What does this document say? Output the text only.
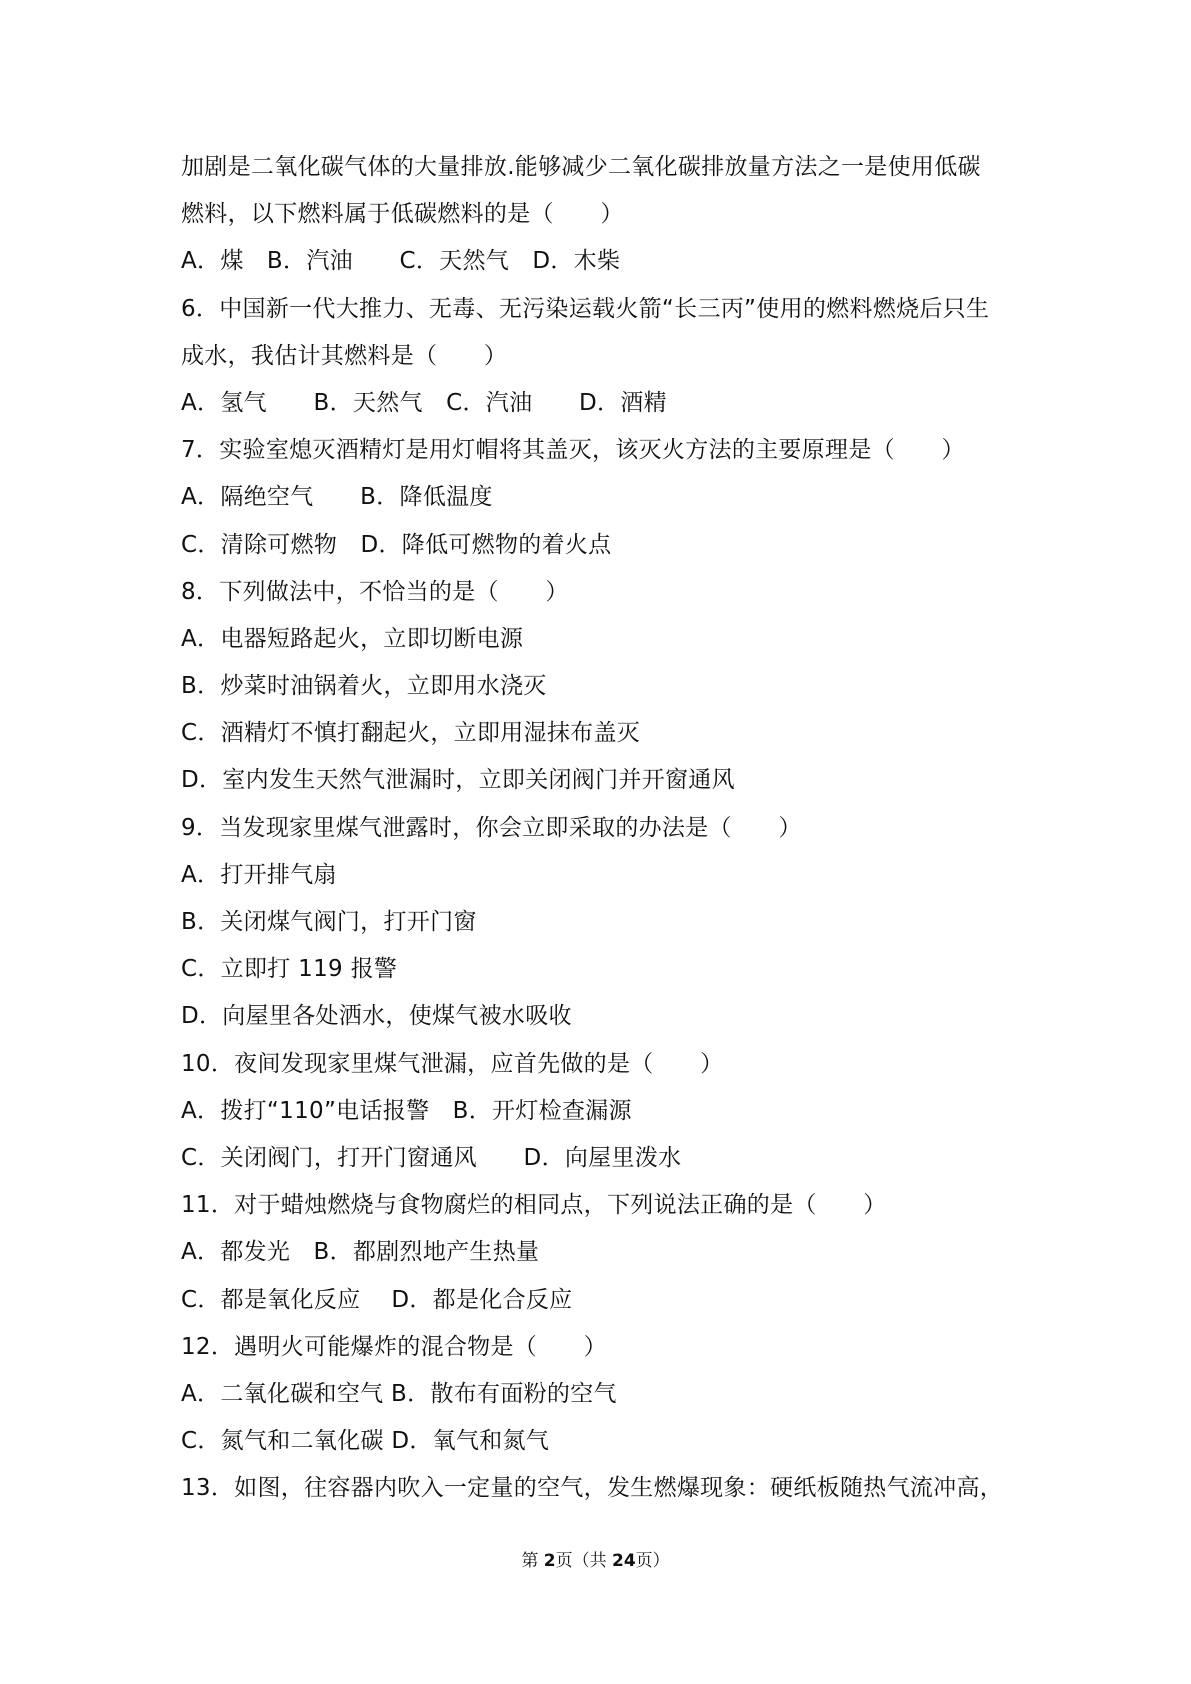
加剧是二氧化碳气体的大量排放.能够减少二氧化碳排放量方法之一是使用低碳
燃料，以下燃料属于低碳燃料的是（　　）
A．煤　B．汽油　　C．天然气　D．木柴
6．中国新一代大推力、无毒、无污染运载火箭“长三丙”使用的燃料燃烧后只生
成水，我估计其燃料是（　　）
A．氢气　　B．天然气　C．汽油　　D．酒精
7．实验室熄灭酒精灯是用灯帽将其盖灭，该灭火方法的主要原理是（　　）
A．隔绝空气　　B．降低温度
C．清除可燃物　D．降低可燃物的着火点
8．下列做法中，不恰当的是（　　）
A．电器短路起火，立即切断电源
B．炒菜时油锅着火，立即用水浇灭
C．酒精灯不慎打翻起火，立即用湿抹布盖灭
D．室内发生天然气泄漏时，立即关闭阀门并开窗通风
9．当发现家里煤气泄露时，你会立即采取的办法是（　　）
A．打开排气扇
B．关闭煤气阀门，打开门窗
C．立即打 119 报警
D．向屋里各处洒水，使煤气被水吸收
10．夜间发现家里煤气泄漏，应首先做的是（　　）
A．拨打“110”电话报警　B．开灯检查漏源
C．关闭阀门，打开门窗通风　　D．向屋里泼水
11．对于蜡烛燃烧与食物腐烂的相同点，下列说法正确的是（　　）
A．都发光　B．都剧烈地产生热量
C．都是氧化反应　 D．都是化合反应
12．遇明火可能爆炸的混合物是（　　）
A．二氧化碳和空气 B．散布有面粉的空气
C．氮气和二氧化碳 D．氧气和氮气
13．如图，往容器内吹入一定量的空气，发生燃爆现象：硬纸板随热气流冲高，
第 2页（共 24页）
